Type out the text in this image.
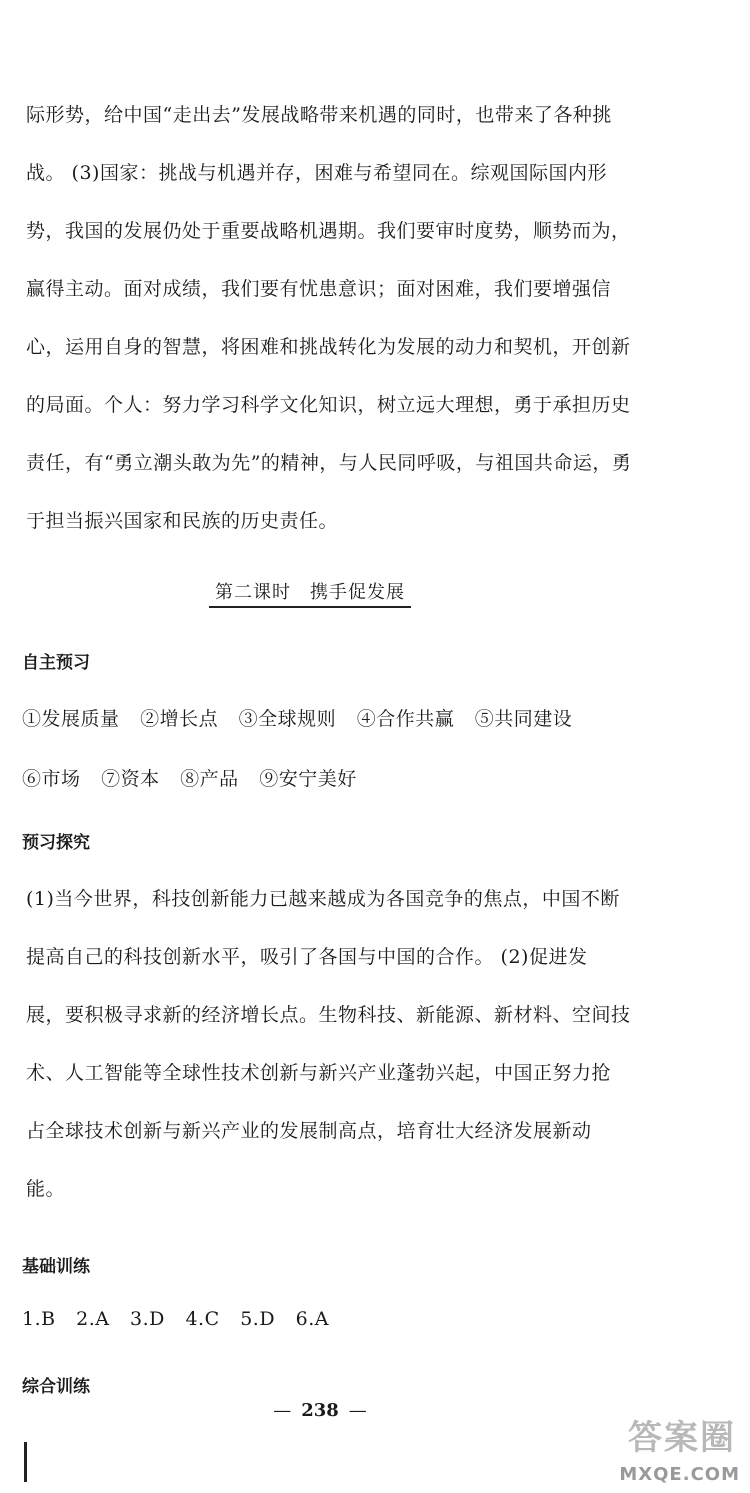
际形势，给中国“走出去”发展战略带来机遇的同时，也带来了各种挑
战。 (3)国家：挑战与机遇并存，困难与希望同在。综观国际国内形
势，我国的发展仍处于重要战略机遇期。我们要审时度势，顺势而为，
赢得主动。面对成绩，我们要有忧患意识；面对困难，我们要增强信
心，运用自身的智慧，将困难和挑战转化为发展的动力和契机，开创新
的局面。个人：努力学习科学文化知识，树立远大理想，勇于承担历史
责任，有“勇立潮头敢为先”的精神，与人民同呼吸，与祖国共命运，勇
于担当振兴国家和民族的历史责任。
第二课时　携手促发展
自主预习
①发展质量 ②增长点 ③全球规则 ④合作共赢 ⑤共同建设
⑥市场 ⑦资本 ⑧产品 ⑨安宁美好
预习探究
(1)当今世界，科技创新能力已越来越成为各国竞争的焦点，中国不断
提高自己的科技创新水平，吸引了各国与中国的合作。 (2)促进发
展，要积极寻求新的经济增长点。生物科技、新能源、新材料、空间技
术、人工智能等全球性技术创新与新兴产业蓬勃兴起，中国正努力抢
占全球技术创新与新兴产业的发展制高点，培育壮大经济发展新动
能。
基础训练
1.B 2.A 3.D 4.C 5.D 6.A
综合训练
— 238 —
答案圈
MXQE.COM
